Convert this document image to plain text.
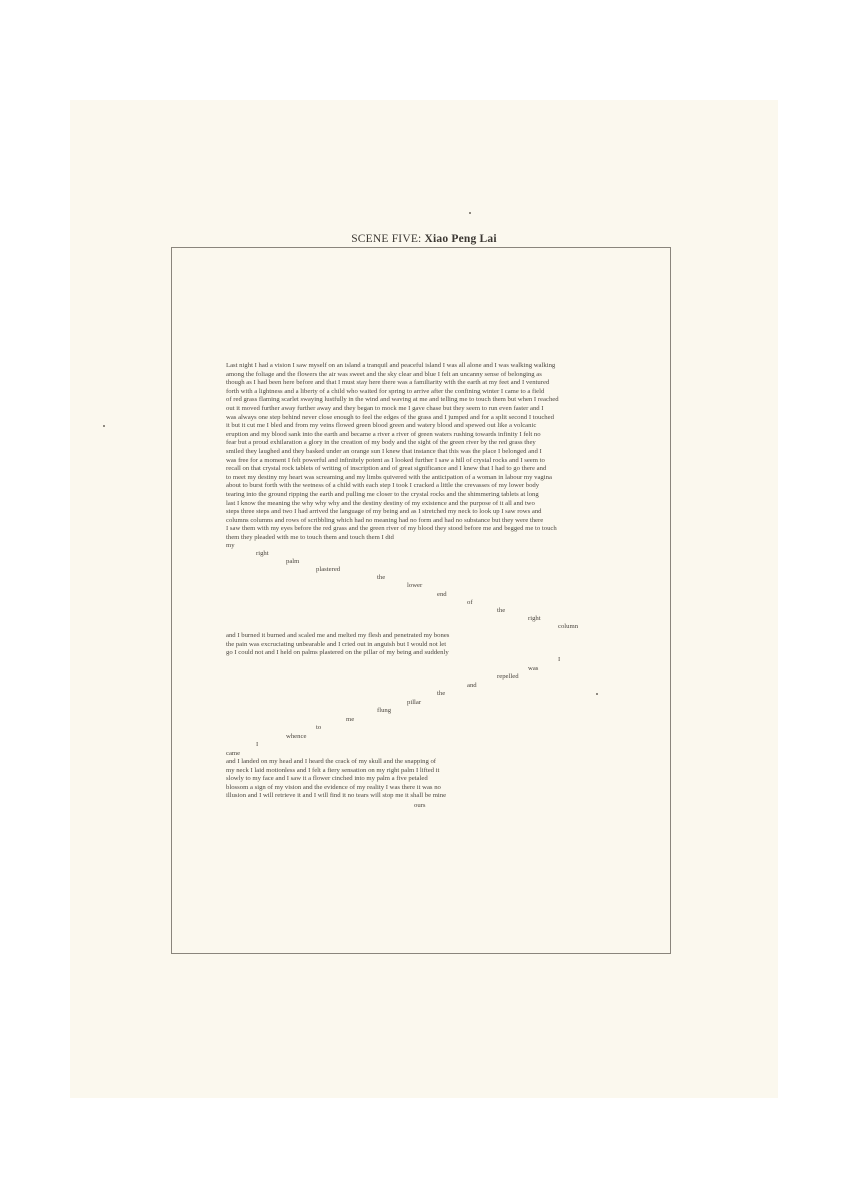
SCENE FIVE: Xiao Peng Lai
Last night I had a vision I saw myself on an island a tranquil and peaceful island I was all alone and I was walking walking
among the foliage and the flowers the air was sweet and the sky clear and blue I felt an uncanny sense of belonging as
though as I had been here before and that I must stay here there was a familiarity with the earth at my feet and I ventured
forth with a lightness and a liberty of a child who waited for spring to arrive after the confining winter I came to a field
of red grass flaming scarlet swaying lustfully in the wind and waving at me and telling me to touch them but when I reached
out it moved further away further away and they began to mock me I gave chase but they seem to run even faster and I
was always one step behind never close enough to feel the edges of the grass and I jumped and for a split second I touched
it but it cut me I bled and from my veins flowed green blood green and watery blood and spewed out like a volcanic
eruption and my blood sank into the earth and became a river a river of green waters rushing towards infinity I felt no
fear but a proud exhilaration a glory in the creation of my body and the sight of the green river by the red grass they
smiled they laughed and they basked under an orange sun I knew that instance that this was the place I belonged and I
was free for a moment I felt powerful and infinitely potent as I looked further I saw a hill of crystal rocks and I seem to
recall on that crystal rock tablets of writing of inscription and of great significance and I knew that I had to go there and
to meet my destiny my heart was screaming and my limbs quivered with the anticipation of a woman in labour my vagina
about to burst forth with the wetness of a child with each step I took I cracked a little the crevasses of my lower body
tearing into the ground ripping the earth and pulling me closer to the crystal rocks and the shimmering tablets at long
last I know the meaning the why why why and the destiny destiny of my existence and the purpose of it all and two
steps three steps and two I had arrived the language of my being and as I stretched my neck to look up I saw rows and
columns columns and rows of scribbling which had no meaning had no form and had no substance but they were there
I saw them with my eyes before the red grass and the green river of my blood they stood before me and begged me to touch
them they pleaded with me to touch them and touch them I did
my
right
palm
plastered
the
lower
end
of
the
right
column
and I burned it burned and scaled me and melted my flesh and penetrated my bones
the pain was excruciating unbearable and I cried out in anguish but I would not let
go I could not and I held on palms plastered on the pillar of my being and suddenly
I
was
repelled
and
the
pillar
flung
me
to
whence
I
came
and I landed on my head and I heard the crack of my skull and the snapping of
my neck I laid motionless and I felt a fiery sensation on my right palm I lifted it
slowly to my face and I saw it a flower cinched into my palm a five petaled
blossom a sign of my vision and the evidence of my reality I was there it was no
illusion and I will retrieve it and I will find it no tears will stop me it shall be mine
ours
